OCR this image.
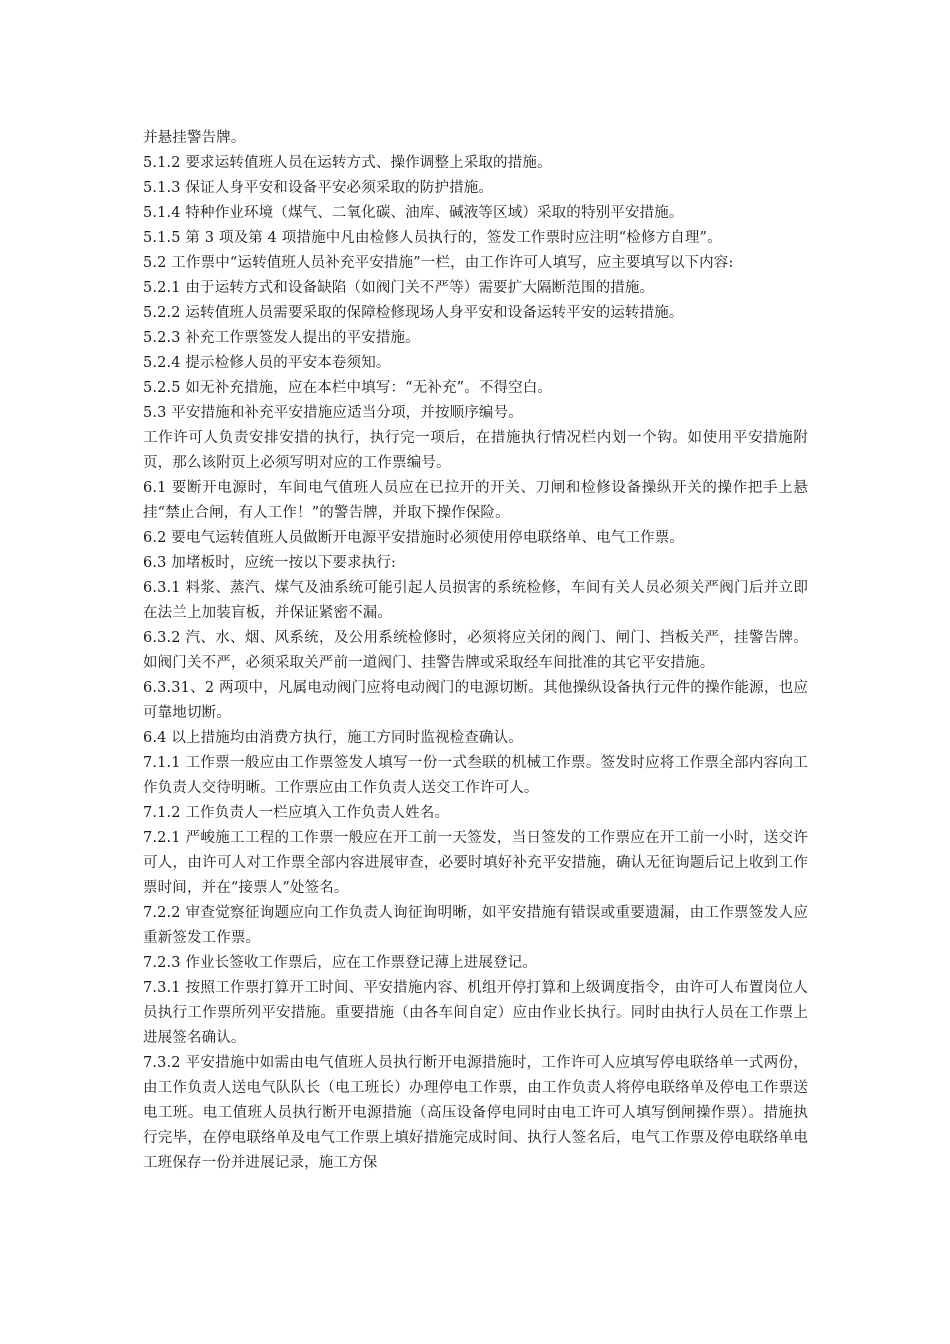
并悬挂警告牌。

5.1.2 要求运转值班人员在运转方式、操作调整上采取的措施。

5.1.3 保证人身平安和设备平安必须采取的防护措施。

5.1.4 特种作业环境（煤气、二氧化碳、油库、碱液等区域）采取的特别平安措施。

5.1.5 第 3 项及第 4 项措施中凡由检修人员执行的，签发工作票时应注明“检修方自理”。

5.2 工作票中“运转值班人员补充平安措施”一栏，由工作许可人填写，应主要填写以下内容:

5.2.1 由于运转方式和设备缺陷（如阀门关不严等）需要扩大隔断范围的措施。

5.2.2 运转值班人员需要采取的保障检修现场人身平安和设备运转平安的运转措施。

5.2.3 补充工作票签发人提出的平安措施。

5.2.4 提示检修人员的平安本卷须知。

5.2.5 如无补充措施，应在本栏中填写：“无补充”。不得空白。

5.3 平安措施和补充平安措施应适当分项，并按顺序编号。

工作许可人负责安排安措的执行，执行完一项后，在措施执行情况栏内划一个钩。如使用平安措施附页，那么该附页上必须写明对应的工作票编号。

6.1 要断开电源时，车间电气值班人员应在已拉开的开关、刀闸和检修设备操纵开关的操作把手上悬挂“禁止合闸，有人工作！”的警告牌，并取下操作保险。

6.2 要电气运转值班人员做断开电源平安措施时必须使用停电联络单、电气工作票。

6.3 加堵板时，应统一按以下要求执行:

6.3.1 料浆、蒸汽、煤气及油系统可能引起人员损害的系统检修，车间有关人员必须关严阀门后并立即在法兰上加装盲板，并保证紧密不漏。

6.3.2 汽、水、烟、风系统，及公用系统检修时，必须将应关闭的阀门、闸门、挡板关严，挂警告牌。如阀门关不严，必须采取关严前一道阀门、挂警告牌或采取经车间批准的其它平安措施。

6.3.31、2 两项中，凡属电动阀门应将电动阀门的电源切断。其他操纵设备执行元件的操作能源，也应可靠地切断。

6.4 以上措施均由消费方执行，施工方同时监视检查确认。

7.1.1 工作票一般应由工作票签发人填写一份一式叁联的机械工作票。签发时应将工作票全部内容向工作负责人交待明晰。工作票应由工作负责人送交工作许可人。

7.1.2 工作负责人一栏应填入工作负责人姓名。

7.2.1 严峻施工工程的工作票一般应在开工前一天签发，当日签发的工作票应在开工前一小时，送交许可人，由许可人对工作票全部内容进展审查，必要时填好补充平安措施，确认无征询题后记上收到工作票时间，并在“接票人”处签名。

7.2.2 审查觉察征询题应向工作负责人询征询明晰，如平安措施有错误或重要遗漏，由工作票签发人应重新签发工作票。

7.2.3 作业长签收工作票后，应在工作票登记薄上进展登记。

7.3.1 按照工作票打算开工时间、平安措施内容、机组开停打算和上级调度指令，由许可人布置岗位人员执行工作票所列平安措施。重要措施（由各车间自定）应由作业长执行。同时由执行人员在工作票上进展签名确认。

7.3.2 平安措施中如需由电气值班人员执行断开电源措施时，工作许可人应填写停电联络单一式两份，由工作负责人送电气队队长（电工班长）办理停电工作票，由工作负责人将停电联络单及停电工作票送电工班。电工值班人员执行断开电源措施（高压设备停电同时由电工许可人填写倒闸操作票）。措施执行完毕，在停电联络单及电气工作票上填好措施完成时间、执行人签名后，电气工作票及停电联络单电工班保存一份并进展记录，施工方保
